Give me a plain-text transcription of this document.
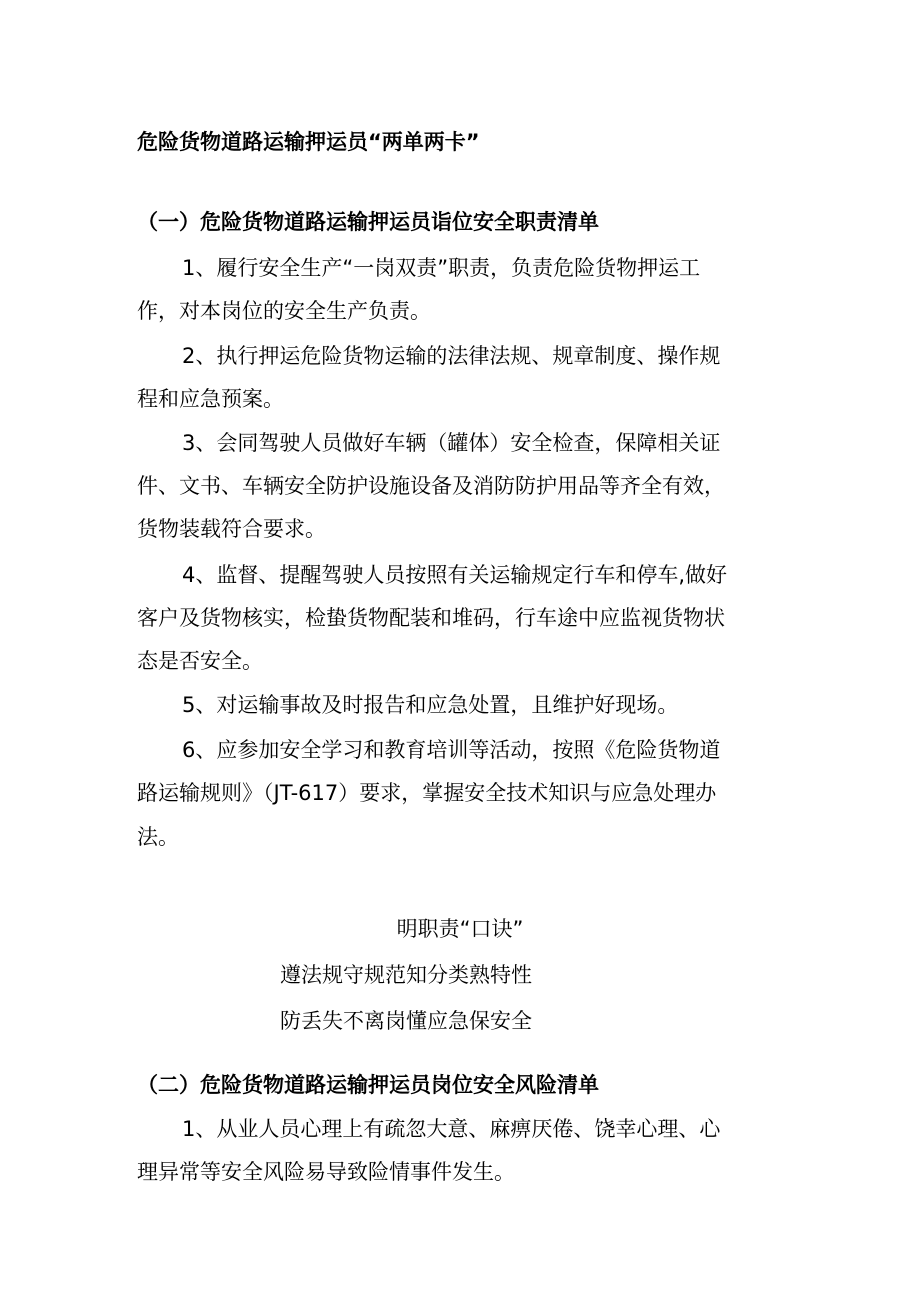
危险货物道路运输押运员“两单两卡”
（一）危险货物道路运输押运员诣位安全职责清单
1、履行安全生产“一岗双责”职责，负责危险货物押运工
作，对本岗位的安全生产负责。
2、执行押运危险货物运输的法律法规、规章制度、操作规
程和应急预案。
3、会同驾驶人员做好车辆（罐体）安全检查，保障相关证
件、文书、车辆安全防护设施设备及消防防护用品等齐全有效，
货物装载符合要求。
4、监督、提醒驾驶人员按照有关运输规定行车和停车,做好
客户及货物核实，检蛰货物配装和堆码，行车途中应监视货物状
态是否安全。
5、对运输事故及时报告和应急处置，且维护好现场。
6、应参加安全学习和教育培训等活动，按照《危险货物道
路运输规则》（JT-617）要求，掌握安全技术知识与应急处理办
法。
明职责“口诀”
遵法规守规范知分类熟特性
防丢失不离岗懂应急保安全
（二）危险货物道路运输押运员岗位安全风险清单
1、从业人员心理上有疏忽大意、麻痹厌倦、饶幸心理、心
理异常等安全风险易导致险情事件发生。
